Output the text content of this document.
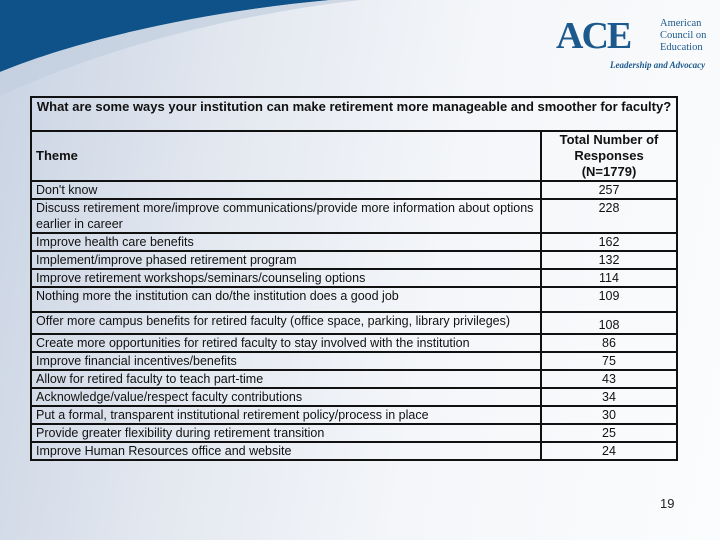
ACE	American
Council on
Education
Leadership and Advocacy
What are some ways your institution can make retirement more manageable and smoother for faculty?	
Theme	Total Number of
Responses
(N=1779)

Don't know	257
Discuss retirement more/improve communications/provide more information about options earlier in career	228
Improve health care benefits	162
Implement/improve phased retirement program	132
Improve retirement workshops/seminars/counseling options	114
Nothing more the institution can do/the institution does a good job	109
Offer more campus benefits for retired faculty (office space, parking, library privileges)	108
Create more opportunities for retired faculty to stay involved with the institution	86
Improve financial incentives/benefits	75
Allow for retired faculty to teach part-time	43
Acknowledge/value/respect faculty contributions	34
Put a formal, transparent institutional retirement policy/process in place	30
Provide greater flexibility during retirement transition	25
Improve Human Resources office and website	24
19
